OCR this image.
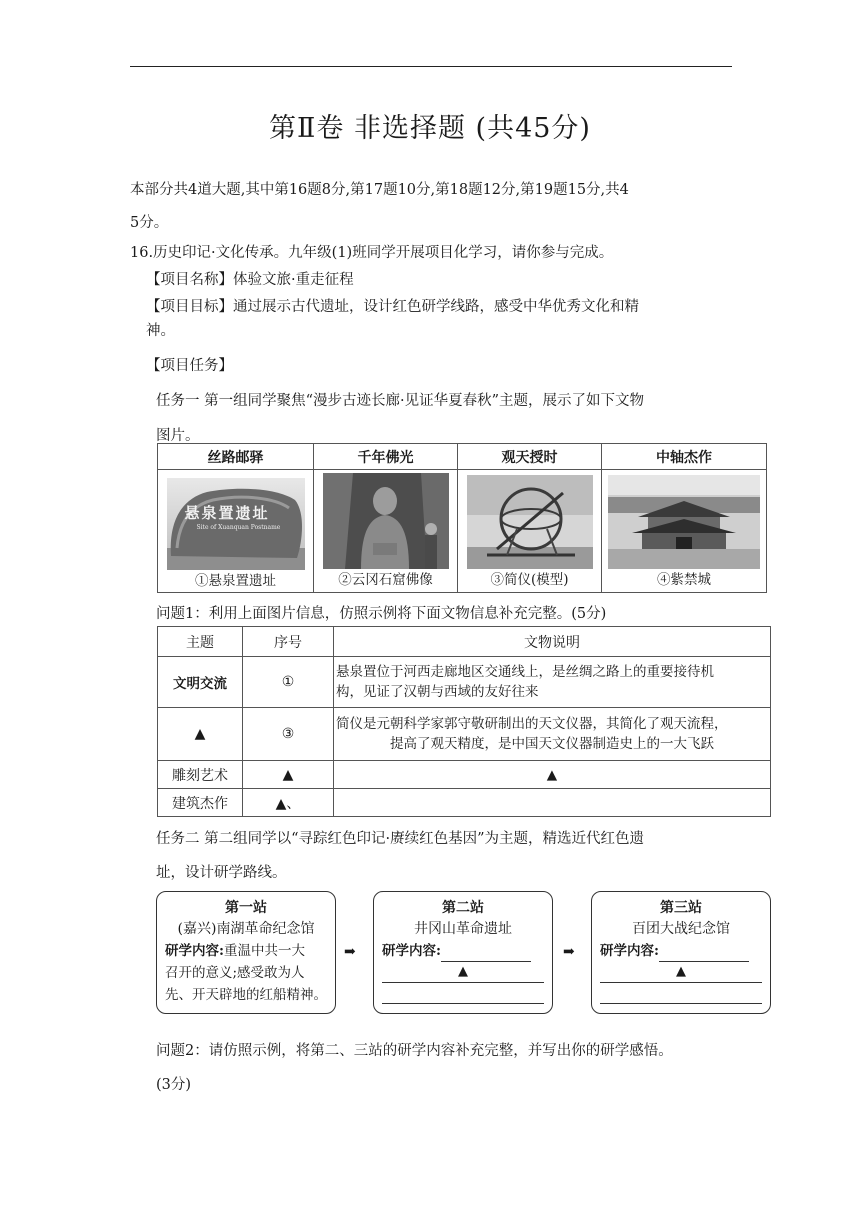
第Ⅱ卷 非选择题 (共45分)
本部分共4道大题,其中第16题8分,第17题10分,第18题12分,第19题15分,共4
5分。
16.历史印记·文化传承。九年级(1)班同学开展项目化学习，请你参与完成。
【项目名称】体验文旅·重走征程
【项目目标】通过展示古代遗址，设计红色研学线路，感受中华优秀文化和精
神。
【项目任务】
任务一 第一组同学聚焦“漫步古迹长廊·见证华夏春秋”主题，展示了如下文物
图片。
丝路邮驿	千年佛光	观天授时	中轴杰作

悬泉置遗址
Site of Xuanquan Postname
①悬泉置遗址	②云冈石窟佛像	③简仪(模型)	④紫禁城
问题1：利用上面图片信息，仿照示例将下面文物信息补充完整。(5分)
主题	序号	文物说明
文明交流	①	悬泉置位于河西走廊地区交通线上，是丝绸之路上的重要接待机
构，见证了汉朝与西域的友好往来

▲	③	简仪是元朝科学家郭守敬研制出的天文仪器，其简化了观天流程，
提高了观天精度，是中国天文仪器制造史上的一大飞跃

雕刻艺术	▲	▲
建筑杰作	▲、	
任务二 第二组同学以“寻踪红色印记·赓续红色基因”为主题，精选近代红色遗
址，设计研学路线。
第一站
(嘉兴)南湖革命纪念馆
研学内容:重温中共一大
召开的意义;感受敢为人
先、开天辟地的红船精神。
➡
第二站
井冈山革命遗址
研学内容:
▲
➡
第三站
百团大战纪念馆
研学内容:
▲
问题2：请仿照示例，将第二、三站的研学内容补充完整，并写出你的研学感悟。
(3分)
